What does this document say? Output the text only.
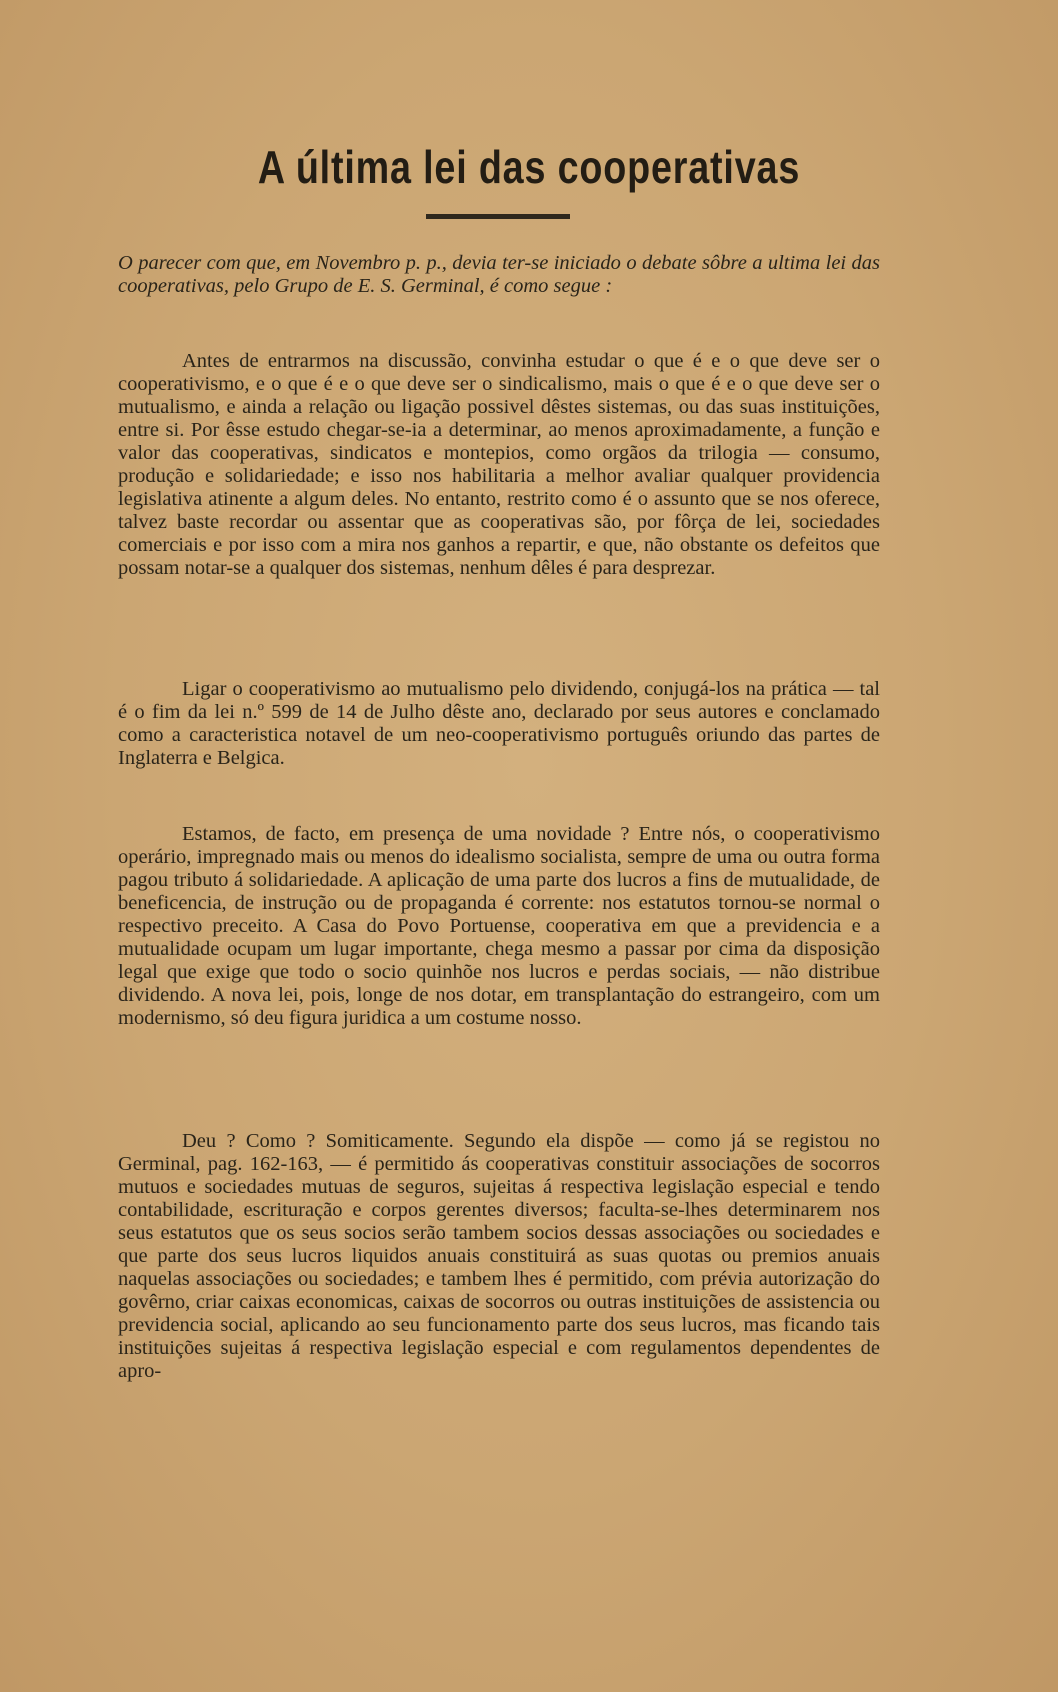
A última lei das cooperativas

O parecer com que, em Novembro p. p., devia ter-se iniciado o debate sôbre a ultima lei das cooperativas, pelo Grupo de E. S. Germinal, é como segue :

Antes de entrarmos na discussão, convinha estudar o que é e o que deve ser o cooperativismo, e o que é e o que deve ser o sindicalismo, mais o que é e o que deve ser o mutualismo, e ainda a relação ou ligação possivel dêstes sistemas, ou das suas instituições, entre si. Por êsse estudo chegar-se-ia a determinar, ao menos aproximadamente, a função e valor das cooperativas, sindicatos e montepios, como orgãos da trilogia — consumo, produção e solidariedade; e isso nos habilitaria a melhor avaliar qualquer providencia legislativa atinente a algum deles. No entanto, restrito como é o assunto que se nos oferece, talvez baste recordar ou assentar que as cooperativas são, por fôrça de lei, sociedades comerciais e por isso com a mira nos ganhos a repartir, e que, não obstante os defeitos que possam notar-se a qualquer dos sistemas, nenhum dêles é para desprezar.

Ligar o cooperativismo ao mutualismo pelo dividendo, conjugá-los na prática — tal é o fim da lei n.º 599 de 14 de Julho dêste ano, declarado por seus autores e conclamado como a caracteristica notavel de um neo-cooperativismo português oriundo das partes de Inglaterra e Belgica.

Estamos, de facto, em presença de uma novidade ? Entre nós, o cooperativismo operário, impregnado mais ou menos do idealismo socialista, sempre de uma ou outra forma pagou tributo á solidariedade. A aplicação de uma parte dos lucros a fins de mutualidade, de beneficencia, de instrução ou de propaganda é corrente: nos estatutos tornou-se normal o respectivo preceito. A Casa do Povo Portuense, cooperativa em que a previdencia e a mutualidade ocupam um lugar importante, chega mesmo a passar por cima da disposição legal que exige que todo o socio quinhõe nos lucros e perdas sociais, — não distribue dividendo. A nova lei, pois, longe de nos dotar, em transplantação do estrangeiro, com um modernismo, só deu figura juridica a um costume nosso.

Deu ? Como ? Somiticamente. Segundo ela dispõe — como já se registou no Germinal, pag. 162-163, — é permitido ás cooperativas constituir associações de socorros mutuos e sociedades mutuas de seguros, sujeitas á respectiva legislação especial e tendo contabilidade, escrituração e corpos gerentes diversos; faculta-se-lhes determinarem nos seus estatutos que os seus socios serão tambem socios dessas associações ou sociedades e que parte dos seus lucros liquidos anuais constituirá as suas quotas ou premios anuais naquelas associações ou sociedades; e tambem lhes é permitido, com prévia autorização do govêrno, criar caixas economicas, caixas de socorros ou outras instituições de assistencia ou previdencia social, aplicando ao seu funcionamento parte dos seus lucros, mas ficando tais instituições sujeitas á respectiva legislação especial e com regulamentos dependentes de apro-
